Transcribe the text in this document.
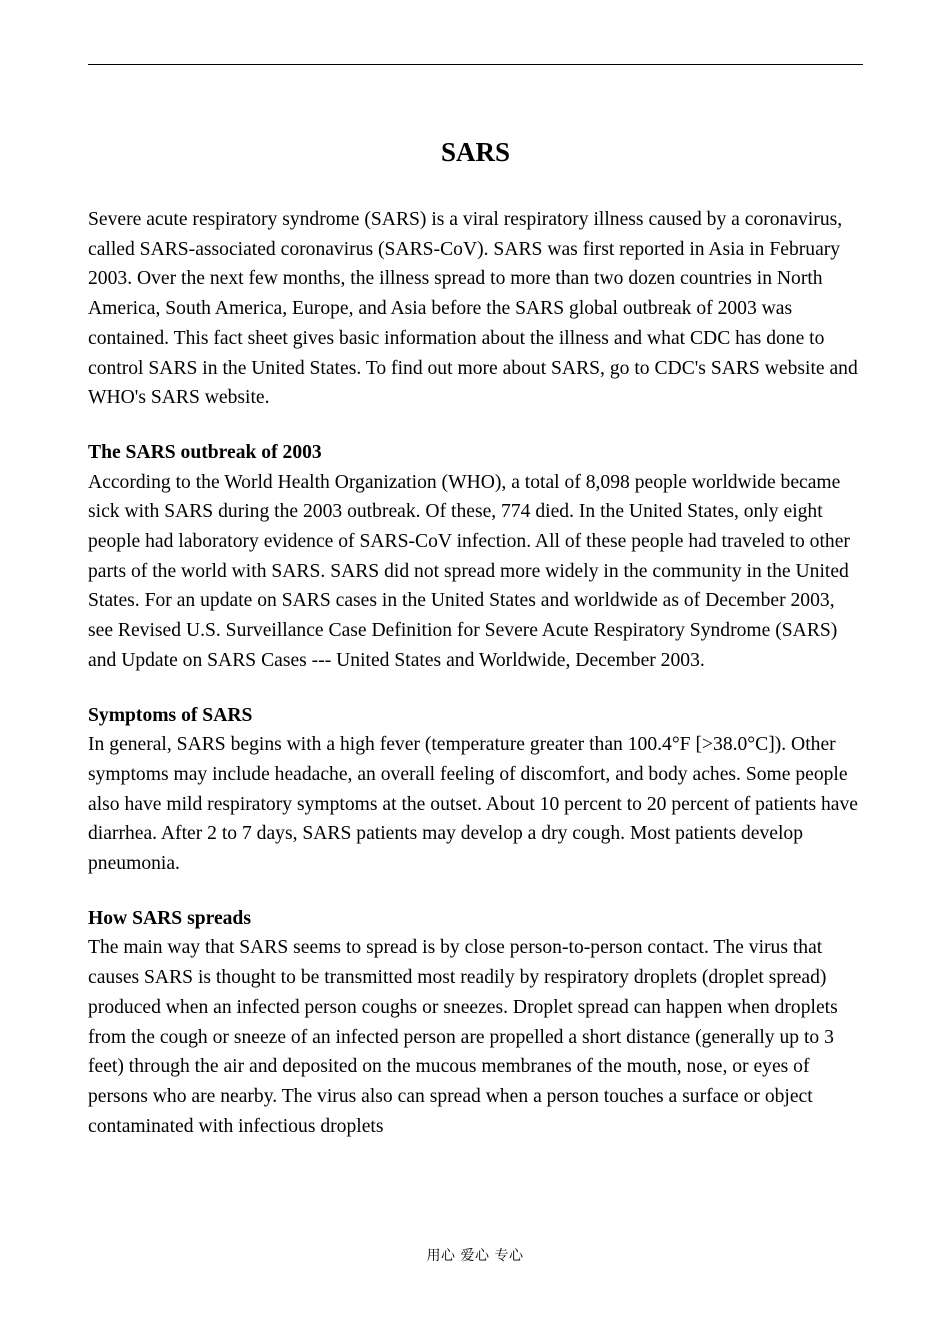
SARS

Severe acute respiratory syndrome (SARS) is a viral respiratory illness caused by a coronavirus, called SARS-associated coronavirus (SARS-CoV). SARS was first reported in Asia in February 2003. Over the next few months, the illness spread to more than two dozen countries in North America, South America, Europe, and Asia before the SARS global outbreak of 2003 was contained. This fact sheet gives basic information about the illness and what CDC has done to control SARS in the United States. To find out more about SARS, go to CDC's SARS website and WHO's SARS website.

The SARS outbreak of 2003

According to the World Health Organization (WHO), a total of 8,098 people worldwide became sick with SARS during the 2003 outbreak. Of these, 774 died. In the United States, only eight people had laboratory evidence of SARS-CoV infection. All of these people had traveled to other parts of the world with SARS. SARS did not spread more widely in the community in the United States. For an update on SARS cases in the United States and worldwide as of December 2003, see Revised U.S. Surveillance Case Definition for Severe Acute Respiratory Syndrome (SARS) and Update on SARS Cases --- United States and Worldwide, December 2003.

Symptoms of SARS

In general, SARS begins with a high fever (temperature greater than 100.4°F [>38.0°C]). Other symptoms may include headache, an overall feeling of discomfort, and body aches. Some people also have mild respiratory symptoms at the outset. About 10 percent to 20 percent of patients have diarrhea. After 2 to 7 days, SARS patients may develop a dry cough. Most patients develop pneumonia.

How SARS spreads

The main way that SARS seems to spread is by close person-to-person contact. The virus that causes SARS is thought to be transmitted most readily by respiratory droplets (droplet spread) produced when an infected person coughs or sneezes. Droplet spread can happen when droplets from the cough or sneeze of an infected person are propelled a short distance (generally up to 3 feet) through the air and deposited on the mucous membranes of the mouth, nose, or eyes of persons who are nearby. The virus also can spread when a person touches a surface or object contaminated with infectious droplets

用心 爱心 专心
